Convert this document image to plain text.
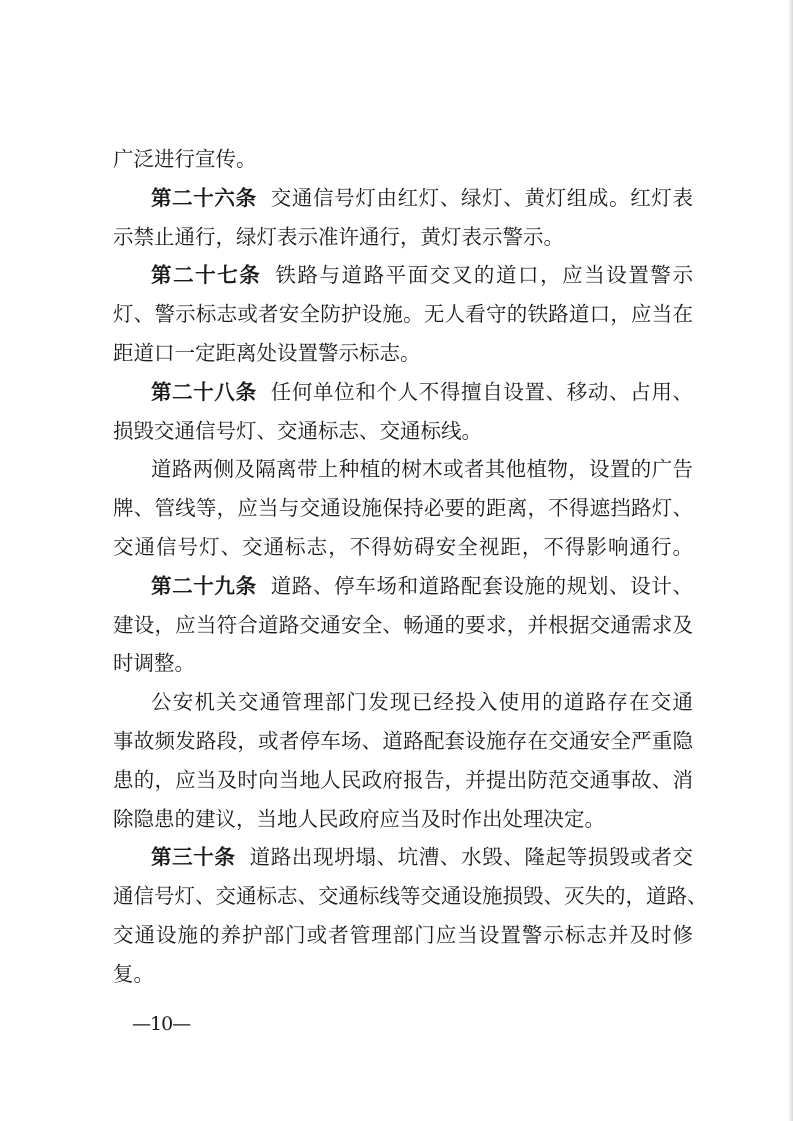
广泛进行宣传。
第二十六条 交通信号灯由红灯、绿灯、黄灯组成。红灯表
示禁止通行，绿灯表示准许通行，黄灯表示警示。
第二十七条 铁路与道路平面交叉的道口，应当设置警示
灯、警示标志或者安全防护设施。无人看守的铁路道口，应当在
距道口一定距离处设置警示标志。
第二十八条 任何单位和个人不得擅自设置、移动、占用、
损毁交通信号灯、交通标志、交通标线。
道路两侧及隔离带上种植的树木或者其他植物，设置的广告
牌、管线等，应当与交通设施保持必要的距离，不得遮挡路灯、
交通信号灯、交通标志，不得妨碍安全视距，不得影响通行。
第二十九条 道路、停车场和道路配套设施的规划、设计、
建设，应当符合道路交通安全、畅通的要求，并根据交通需求及
时调整。
公安机关交通管理部门发现已经投入使用的道路存在交通
事故频发路段，或者停车场、道路配套设施存在交通安全严重隐
患的，应当及时向当地人民政府报告，并提出防范交通事故、消
除隐患的建议，当地人民政府应当及时作出处理决定。
第三十条 道路出现坍塌、坑漕、水毁、隆起等损毁或者交
通信号灯、交通标志、交通标线等交通设施损毁、灭失的，道路、
交通设施的养护部门或者管理部门应当设置警示标志并及时修
复。
—10—
